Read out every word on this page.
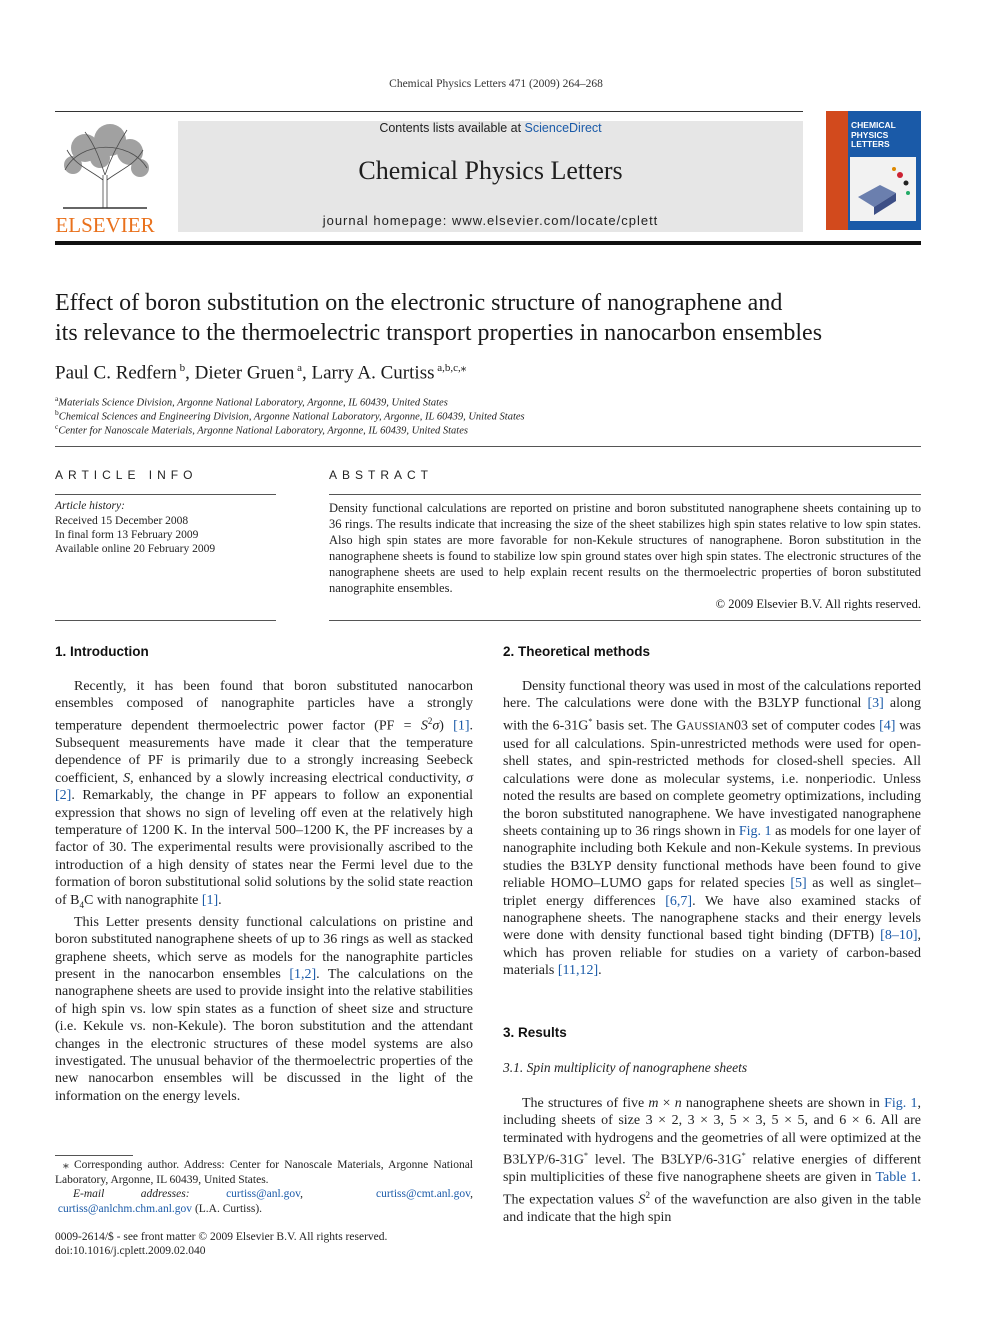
Chemical Physics Letters 471 (2009) 264–268
ELSEVIER
Contents lists available at ScienceDirect
Chemical Physics Letters
journal homepage: www.elsevier.com/locate/cplett
CHEMICAL
PHYSICS
LETTERS
Effect of boron substitution on the electronic structure of nanographene and
its relevance to the thermoelectric transport properties in nanocarbon ensembles
Paul C. Redfern $^b$, Dieter Gruen $^a$, Larry A. Curtiss $^{a,b,c,⁎}$
$^a$Materials Science Division, Argonne National Laboratory, Argonne, IL 60439, United States
$^b$Chemical Sciences and Engineering Division, Argonne National Laboratory, Argonne, IL 60439, United States
$^c$Center for Nanoscale Materials, Argonne National Laboratory, Argonne, IL 60439, United States
ARTICLE INFO	ABSTRACT
Article history:
Received 15 December 2008
In final form 13 February 2009
Available online 20 February 2009
Density functional calculations are reported on pristine and boron substituted nanographene sheets containing up to 36 rings. The results indicate that increasing the size of the sheet stabilizes high spin states relative to low spin states. Also high spin states are more favorable for non-Kekule structures of nanographene. Boron substitution in the nanographene sheets is found to stabilize low spin ground states over high spin states. The electronic structures of the nanographene sheets are used to help explain recent results on the thermoelectric properties of boron substituted nanographite ensembles.
© 2009 Elsevier B.V. All rights reserved.
1. Introduction

Recently, it has been found that boron substituted nanocarbon ensembles composed of nanographite particles have a strongly temperature dependent thermoelectric power factor $(PF = S^2\sigma)$ [1]. Subsequent measurements have made it clear that the temperature dependence of PF is primarily due to a strongly increasing Seebeck coefficient, S, enhanced by a slowly increasing electrical conductivity, σ [2]. Remarkably, the change in PF appears to follow an exponential expression that shows no sign of leveling off even at the relatively high temperature of 1200 K. In the interval 500–1200 K, the PF increases by a factor of 30. The experimental results were provisionally ascribed to the introduction of a high density of states near the Fermi level due to the formation of boron substitutional solid solutions by the solid state reaction of $B_4C$ with nanographite [1].

This Letter presents density functional calculations on pristine and boron substituted nanographene sheets of up to 36 rings as well as stacked graphene sheets, which serve as models for the nanographite particles present in the nanocarbon ensembles [1,2]. The calculations on the nanographene sheets are used to provide insight into the relative stabilities of high spin vs. low spin states as a function of sheet size and structure (i.e. Kekule vs. non-Kekule). The boron substitution and the attendant changes in the electronic structures of these model systems are also investigated. The unusual behavior of the thermoelectric properties of the new nanocarbon ensembles will be discussed in the light of the information on the energy levels.

⁎ Corresponding author. Address: Center for Nanoscale Materials, Argonne National Laboratory, Argonne, IL 60439, United States.
E-mail addresses:	curtiss@anl.gov,  curtiss@cmt.anl.gov,  curtiss@anlchm.chm.anl.gov (L.A. Curtiss).
0009-2614/$ - see front matter © 2009 Elsevier B.V. All rights reserved.
doi:10.1016/j.cplett.2009.02.040
2. Theoretical methods

Density functional theory was used in most of the calculations reported here. The calculations were done with the B3LYP functional [3] along with the 6-31G* basis set. The GAUSSIAN03 set of computer codes [4] was used for all calculations. Spin-unrestricted methods were used for open-shell states, and spin-restricted methods for closed-shell species. All calculations were done as molecular systems, i.e. nonperiodic. Unless noted the results are based on complete geometry optimizations, including the boron substituted nanographene. We have investigated nanographene sheets containing up to 36 rings shown in Fig. 1 as models for one layer of nanographite including both Kekule and non-Kekule systems. In previous studies the B3LYP density functional methods have been found to give reliable HOMO–LUMO gaps for related species [5] as well as singlet–triplet energy differences [6,7]. We have also examined stacks of nanographene sheets. The nanographene stacks and their energy levels were done with density functional based tight binding (DFTB) [8–10], which has proven reliable for studies on a variety of carbon-based materials [11,12].

3. Results
3.1. Spin multiplicity of nanographene sheets

The structures of five m × n nanographene sheets are shown in Fig. 1, including sheets of size 3 × 2, 3 × 3, 5 × 3, 5 × 5, and 6 × 6. All are terminated with hydrogens and the geometries of all were optimized at the B3LYP/6-31G* level. The B3LYP/6-31G* relative energies of different spin multiplicities of these five nanographene sheets are given in Table 1. The expectation values $S^2$ of the wavefunction are also given in the table and indicate that the high spin
